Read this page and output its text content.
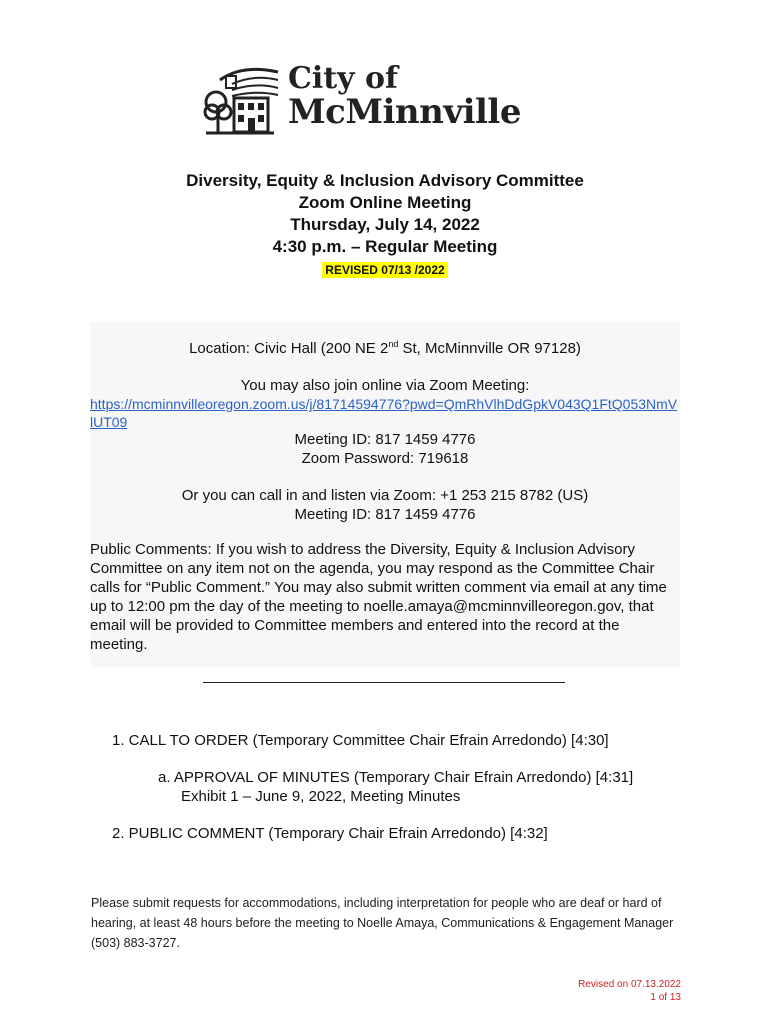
City of
McMinnville
Diversity, Equity & Inclusion Advisory Committee
Zoom Online Meeting
Thursday, July 14, 2022
4:30 p.m. – Regular Meeting
REVISED 07/13 /2022
Location: Civic Hall (200 NE 2nd St, McMinnville OR 97128)
You may also join online via Zoom Meeting:
https://mcminnvilleoregon.zoom.us/j/81714594776?pwd=QmRhVlhDdGpkV043Q1FtQ053NmVlUT09
Meeting ID: 817 1459 4776
Zoom Password: 719618
Or you can call in and listen via Zoom: +1 253 215 8782 (US)
Meeting ID: 817 1459 4776
Public Comments: If you wish to address the Diversity, Equity & Inclusion Advisory Committee on any item not on the agenda, you may respond as the Committee Chair calls for “Public Comment.” You may also submit written comment via email at any time up to 12:00 pm the day of the meeting to noelle.amaya@mcminnvilleoregon.gov, that email will be provided to Committee members and entered into the record at the meeting.
1. CALL TO ORDER (Temporary Committee Chair Efrain Arredondo) [4:30]
a. APPROVAL OF MINUTES (Temporary Chair Efrain Arredondo) [4:31]
Exhibit 1 – June 9, 2022, Meeting Minutes
2. PUBLIC COMMENT (Temporary Chair Efrain Arredondo) [4:32]
Please submit requests for accommodations, including interpretation for people who are deaf or hard of hearing, at least 48 hours before the meeting to Noelle Amaya, Communications & Engagement Manager (503) 883-3727.
Revised on 07.13.2022
1 of 13
